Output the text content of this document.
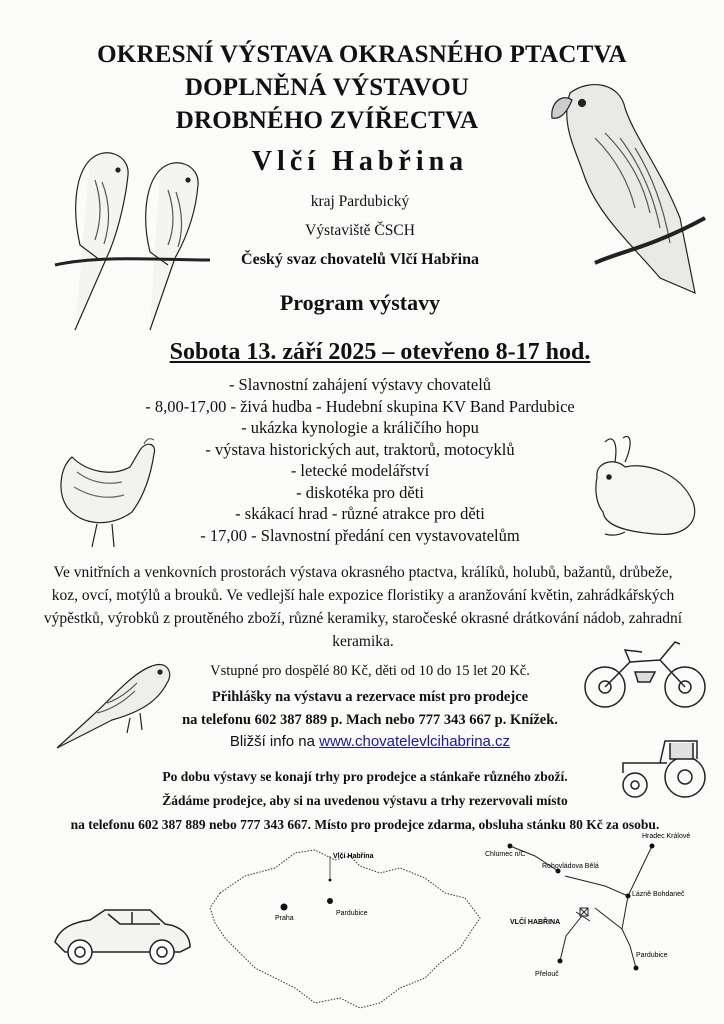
OKRESNÍ VÝSTAVA OKRASNÉHO PTACTVA
DOPLNĚNÁ VÝSTAVOU
DROBNÉHO ZVÍŘECTVA
Vlčí Habřina
kraj Pardubický
Výstaviště ČSCH
Český svaz chovatelů Vlčí Habřina
Program výstavy
Sobota 13. září 2025 – otevřeno 8-17 hod.
- Slavnostní zahájení výstavy chovatelů
- 8,00-17,00 - živá hudba - Hudební skupina KV Band Pardubice
- ukázka kynologie a králičího hopu
- výstava historických aut, traktorů, motocyklů
- letecké modelářství
- diskotéka pro děti
- skákací hrad - různé atrakce pro děti
- 17,00 - Slavnostní předání cen vystavovatelům
Ve vnitřních a venkovních prostorách výstava okrasného ptactva, králíků, holubů, bažantů, drůbeže, koz, ovcí, motýlů a brouků. Ve vedlejší hale expozice floristiky a aranžování květin, zahrádkářských výpěstků, výrobků z proutěného zboží, různé keramiky, staročeské okrasné drátkování nádob, zahradní keramika.
Vstupné pro dospělé 80 Kč, děti od 10 do 15 let 20 Kč.
Přihlášky na výstavu a rezervace míst pro prodejce
na telefonu 602 387 889 p. Mach nebo 777 343 667 p. Knížek.
Bližší info na www.chovatelevlcihabrina.cz
Po dobu výstavy se konají trhy pro prodejce a stánkaře různého zboží.
Žádáme prodejce, aby si na uvedenou výstavu a trhy rezervovali místo
na telefonu 602 387 889 nebo 777 343 667. Místo pro prodejce zdarma, obsluha stánku 80 Kč za osobu.
Vlčí Habřina
Praha
Pardubice
Hradec Králové
Chlumec n/C
Rohovládova Bělá
Lázně Bohdaneč
VLČÍ HABŘINA
Pardubice
Přelouč
